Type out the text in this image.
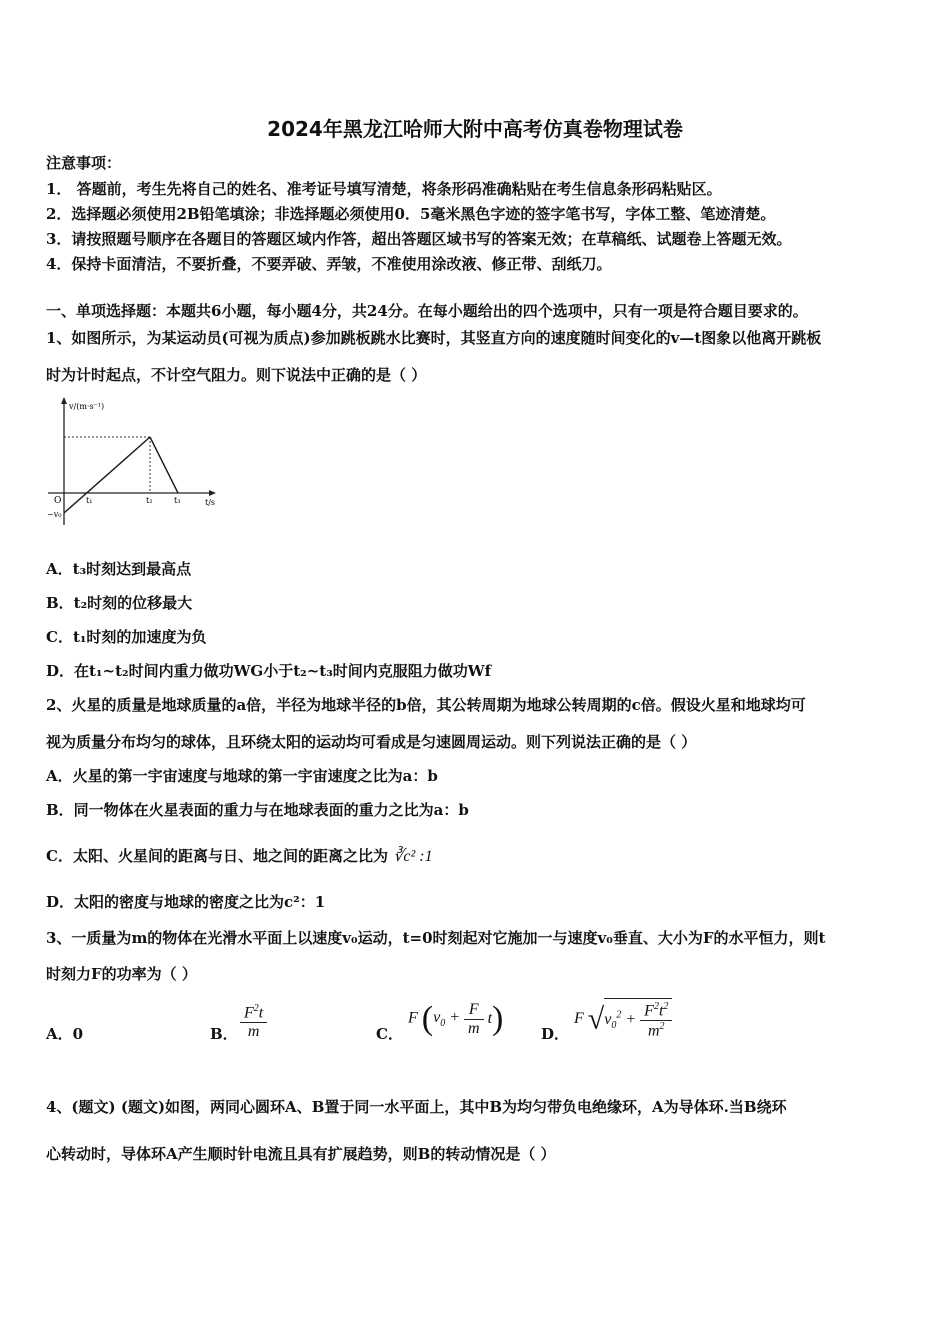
2024年黑龙江哈师大附中高考仿真卷物理试卷
注意事项：
1． 答题前，考生先将自己的姓名、准考证号填写清楚，将条形码准确粘贴在考生信息条形码粘贴区。
2．选择题必须使用2B铅笔填涂；非选择题必须使用0．5毫米黑色字迹的签字笔书写，字体工整、笔迹清楚。
3．请按照题号顺序在各题目的答题区域内作答，超出答题区域书写的答案无效；在草稿纸、试题卷上答题无效。
4．保持卡面清洁，不要折叠，不要弄破、弄皱，不准使用涂改液、修正带、刮纸刀。
一、单项选择题：本题共6小题，每小题4分，共24分。在每小题给出的四个选项中，只有一项是符合题目要求的。
1、如图所示，为某运动员(可视为质点)参加跳板跳水比赛时，其竖直方向的速度随时间变化的v—t图象以他离开跳板
时为计时起点，不计空气阻力。则下说法中正确的是（ ）
v/(m·s⁻¹)
t/s
O
−v₀
t₁	t₂	t₃
A．t₃时刻达到最高点
B．t₂时刻的位移最大
C．t₁时刻的加速度为负
D．在t₁~t₂时间内重力做功WG小于t₂~t₃时间内克服阻力做功Wf
2、火星的质量是地球质量的a倍，半径为地球半径的b倍，其公转周期为地球公转周期的c倍。假设火星和地球均可
视为质量分布均匀的球体，且环绕太阳的运动均可看成是匀速圆周运动。则下列说法正确的是（ ）
A．火星的第一宇宙速度与地球的第一宇宙速度之比为a：b
B．同一物体在火星表面的重力与在地球表面的重力之比为a：b
C．太阳、火星间的距离与日、地之间的距离之比为 ∛c² :1
D．太阳的密度与地球的密度之比为c²：1
3、一质量为m的物体在光滑水平面上以速度v₀运动，t=0时刻起对它施加一与速度v₀垂直、大小为F的水平恒力，则t
时刻力F的功率为（ ）
A．0	B． $\frac{F^2t}{m}$	C．
F $(v_0 + \frac{F}{m} t)$	D．
F $√v_0^2 + \frac{F^2t^2}{m^2}$
4、(题文) (题文)如图，两同心圆环A、B置于同一水平面上，其中B为均匀带负电绝缘环，A为导体环.当B绕环
心转动时，导体环A产生顺时针电流且具有扩展趋势，则B的转动情况是（ ）
